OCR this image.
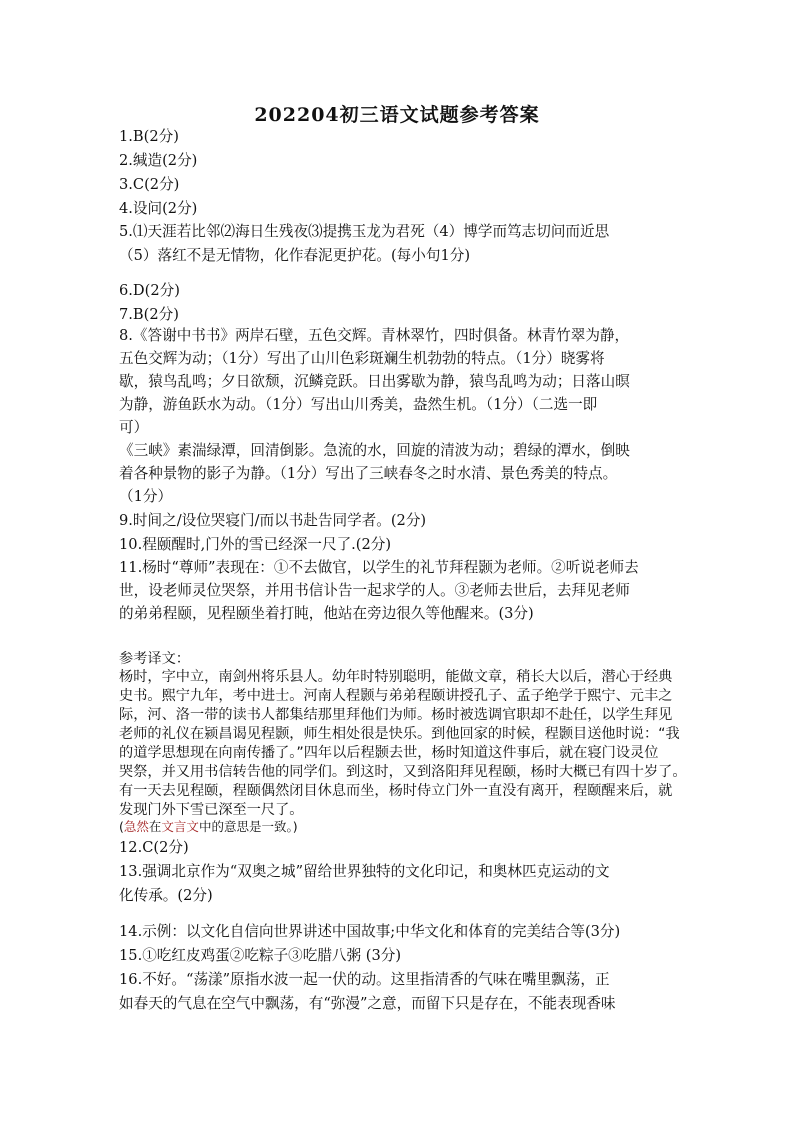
202204初三语文试题参考答案
1.B(2分)
2.缄造(2分)
3.C(2分)
4.设问(2分)
5.⑴天涯若比邻⑵海日生残夜⑶提携玉龙为君死（4）博学而笃志切问而近思
（5）落红不是无情物，化作春泥更护花。(每小句1分)
6.D(2分)
7.B(2分)
8.《答谢中书书》两岸石壁，五色交辉。青林翠竹，四时俱备。林青竹翠为静，
五色交辉为动；（1分）写出了山川色彩斑斓生机勃勃的特点。（1分）晓雾将
歇，猿鸟乱鸣；夕日欲颓，沉鳞竞跃。日出雾歇为静，猿鸟乱鸣为动；日落山暝
为静，游鱼跃水为动。（1分）写出山川秀美，盎然生机。（1分）（二选一即
可）
《三峡》素湍绿潭，回清倒影。急流的水，回旋的清波为动；碧绿的潭水，倒映
着各种景物的影子为静。（1分）写出了三峡春冬之时水清、景色秀美的特点。
（1分）
9.时间之/设位哭寝门/而以书赴告同学者。(2分)
10.程颐醒时,门外的雪已经深一尺了.(2分)
11.杨时“尊师”表现在：①不去做官，以学生的礼节拜程颢为老师。②听说老师去
世，设老师灵位哭祭，并用书信讣告一起求学的人。③老师去世后，去拜见老师
的弟弟程颐，见程颐坐着打盹，他站在旁边很久等他醒来。(3分)
参考译文：
杨时，字中立，南剑州将乐县人。幼年时特别聪明，能做文章，稍长大以后，潜心于经典
史书。熙宁九年，考中进士。河南人程颢与弟弟程颐讲授孔子、孟子绝学于熙宁、元丰之
际，河、洛一带的读书人都集结那里拜他们为师。杨时被选调官职却不赴任，以学生拜见
老师的礼仪在颍昌谒见程颢，师生相处很是快乐。到他回家的时候，程颢目送他时说：“我
的道学思想现在向南传播了。”四年以后程颢去世，杨时知道这件事后，就在寝门设灵位
哭祭，并又用书信转告他的同学们。到这时，又到洛阳拜见程颐，杨时大概已有四十岁了。
有一天去见程颐，程颐偶然闭目休息而坐，杨时侍立门外一直没有离开，程颐醒来后，就
发现门外下雪已深至一尺了。
(急然在文言文中的意思是一致。)
12.C(2分)
13.强调北京作为“双奥之城”留给世界独特的文化印记，和奥林匹克运动的文
化传承。(2分)
14.示例：以文化自信向世界讲述中国故事;中华文化和体育的完美结合等(3分)
15.①吃红皮鸡蛋②吃粽子③吃腊八粥 (3分)
16.不好。“荡漾”原指水波一起一伏的动。这里指清香的气味在嘴里飘荡，正
如春天的气息在空气中飘荡，有“弥漫”之意，而留下只是存在，不能表现香味
